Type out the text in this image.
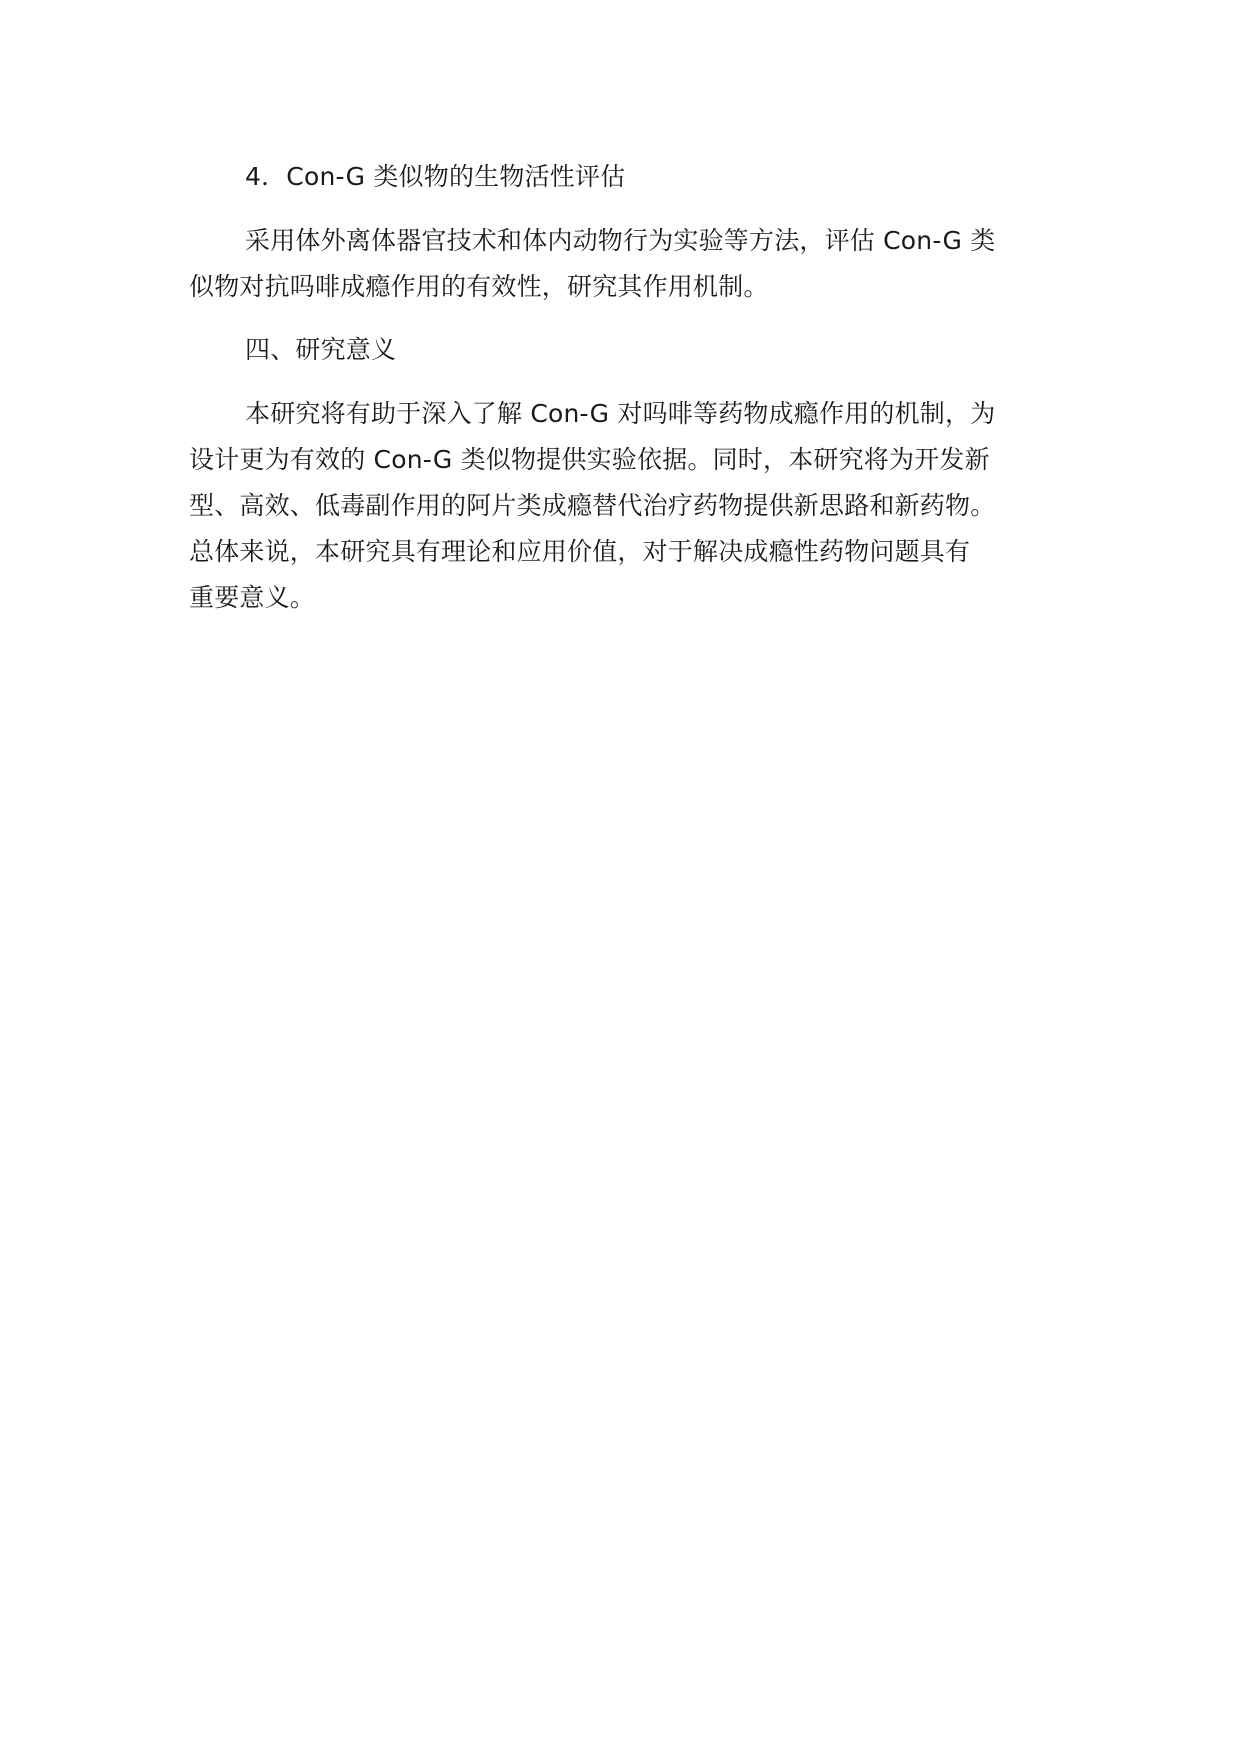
4．Con-G 类似物的生物活性评估
采用体外离体器官技术和体内动物行为实验等方法，评估 Con-G 类
似物对抗吗啡成瘾作用的有效性，研究其作用机制。
四、研究意义
本研究将有助于深入了解 Con-G 对吗啡等药物成瘾作用的机制，为
设计更为有效的 Con-G 类似物提供实验依据。同时，本研究将为开发新
型、高效、低毒副作用的阿片类成瘾替代治疗药物提供新思路和新药物。
总体来说，本研究具有理论和应用价值，对于解决成瘾性药物问题具有
重要意义。
